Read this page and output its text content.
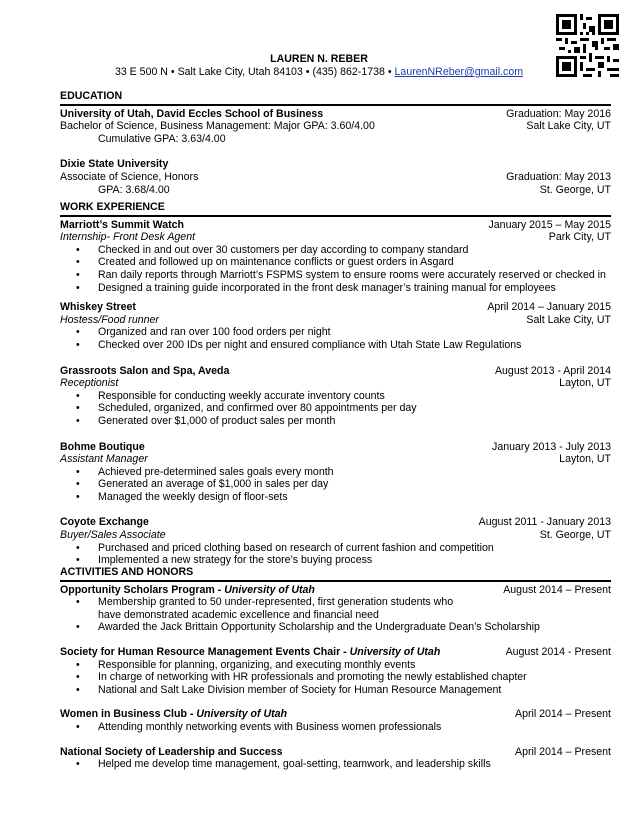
LAUREN N. REBER
33 E 500 N • Salt Lake City, Utah 84103 • (435) 862-1738 • LaurenNReber@gmail.com
EDUCATION
University of Utah, David Eccles School of Business	Graduation: May 2016
Bachelor of Science, Business Management: Major GPA: 3.60/4.00	Salt Lake City, UT
Cumulative GPA: 3.63/4.00
Dixie State University
Associate of Science, Honors	Graduation: May 2013
GPA: 3.68/4.00	St. George, UT
WORK EXPERIENCE
Marriott’s Summit Watch	January 2015 – May 2015
Internship- Front Desk Agent	Park City, UT
• Checked in and out over 30 customers per day according to company standard
• Created and followed up on maintenance conflicts or guest orders in Asgard
• Ran daily reports through Marriott’s FSPMS system to ensure rooms were accurately reserved or checked in
• Designed a training guide incorporated in the front desk manager’s training manual for employees
Whiskey Street	April 2014 – January 2015
Hostess/Food runner	Salt Lake City, UT
• Organized and ran over 100 food orders per night
• Checked over 200 IDs per night and ensured compliance with Utah State Law Regulations
Grassroots Salon and Spa, Aveda	August 2013 - April 2014
Receptionist	Layton, UT
• Responsible for conducting weekly accurate inventory counts
• Scheduled, organized, and confirmed over 80 appointments per day
• Generated over $1,000 of product sales per month
Bohme Boutique	January 2013 - July 2013
Assistant Manager	Layton, UT
• Achieved pre-determined sales goals every month
• Generated an average of $1,000 in sales per day
• Managed the weekly design of floor-sets
Coyote Exchange	August 2011 - January 2013
Buyer/Sales Associate	St. George, UT
• Purchased and priced clothing based on research of current fashion and competition
• Implemented a new strategy for the store’s buying process
ACTIVITIES AND HONORS
Opportunity Scholars Program - University of Utah	August 2014 – Present
• Membership granted to 50 under-represented, first generation students who
have demonstrated academic excellence and financial need
• Awarded the Jack Brittain Opportunity Scholarship and the Undergraduate Dean’s Scholarship
Society for Human Resource Management Events Chair - University of Utah	August 2014 - Present
• Responsible for planning, organizing, and executing monthly events
• In charge of networking with HR professionals and promoting the newly established chapter
• National and Salt Lake Division member of Society for Human Resource Management
Women in Business Club - University of Utah	April 2014 – Present
• Attending monthly networking events with Business women professionals
National Society of Leadership and Success	April 2014 – Present
• Helped me develop time management, goal-setting, teamwork, and leadership skills
